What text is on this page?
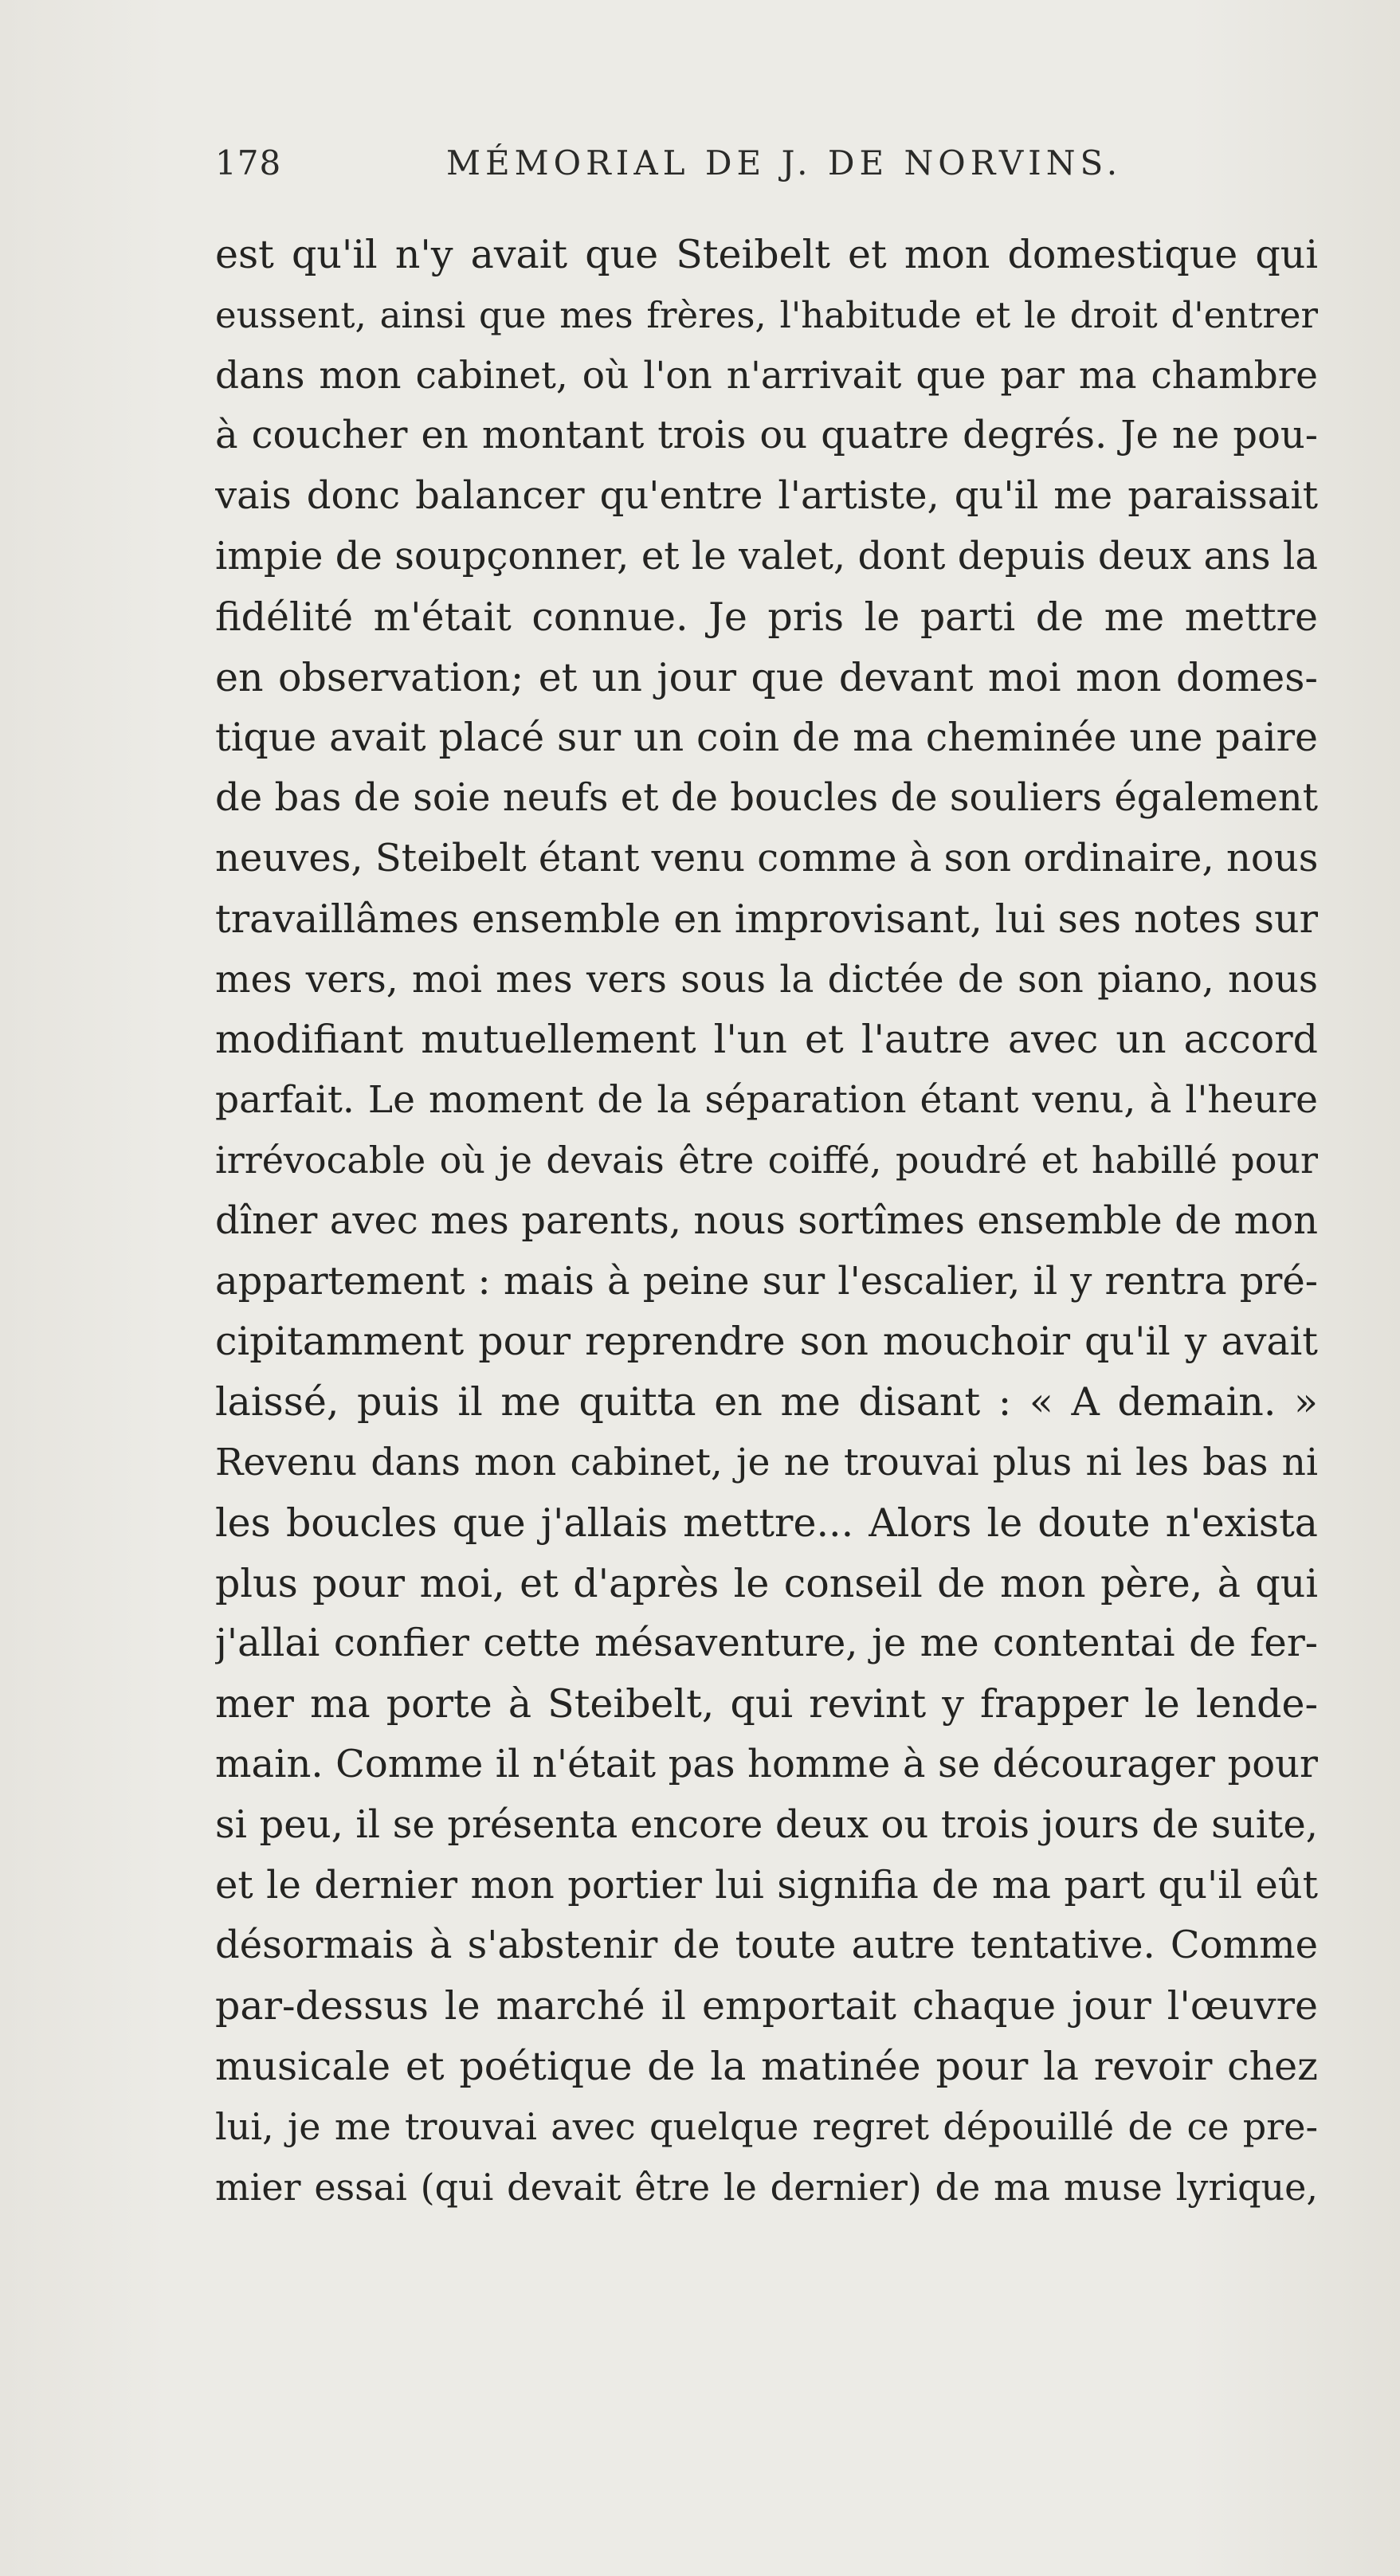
178	MÉMORIAL DE J. DE NORVINS.
est qu'il n'y avait que Steibelt et mon domestique qui
eussent, ainsi que mes frères, l'habitude et le droit d'entrer
dans mon cabinet, où l'on n'arrivait que par ma chambre
à coucher en montant trois ou quatre degrés. Je ne pou-
vais donc balancer qu'entre l'artiste, qu'il me paraissait
impie de soupçonner, et le valet, dont depuis deux ans la
fidélité m'était connue. Je pris le parti de me mettre
en observation; et un jour que devant moi mon domes-
tique avait placé sur un coin de ma cheminée une paire
de bas de soie neufs et de boucles de souliers également
neuves, Steibelt étant venu comme à son ordinaire, nous
travaillâmes ensemble en improvisant, lui ses notes sur
mes vers, moi mes vers sous la dictée de son piano, nous
modifiant mutuellement l'un et l'autre avec un accord
parfait. Le moment de la séparation étant venu, à l'heure
irrévocable où je devais être coiffé, poudré et habillé pour
dîner avec mes parents, nous sortîmes ensemble de mon
appartement : mais à peine sur l'escalier, il y rentra pré-
cipitamment pour reprendre son mouchoir qu'il y avait
laissé, puis il me quitta en me disant : « A demain. »
Revenu dans mon cabinet, je ne trouvai plus ni les bas ni
les boucles que j'allais mettre... Alors le doute n'exista
plus pour moi, et d'après le conseil de mon père, à qui
j'allai confier cette mésaventure, je me contentai de fer-
mer ma porte à Steibelt, qui revint y frapper le lende-
main. Comme il n'était pas homme à se décourager pour
si peu, il se présenta encore deux ou trois jours de suite,
et le dernier mon portier lui signifia de ma part qu'il eût
désormais à s'abstenir de toute autre tentative. Comme
par-dessus le marché il emportait chaque jour l'œuvre
musicale et poétique de la matinée pour la revoir chez
lui, je me trouvai avec quelque regret dépouillé de ce pre-
mier essai (qui devait être le dernier) de ma muse lyrique,
